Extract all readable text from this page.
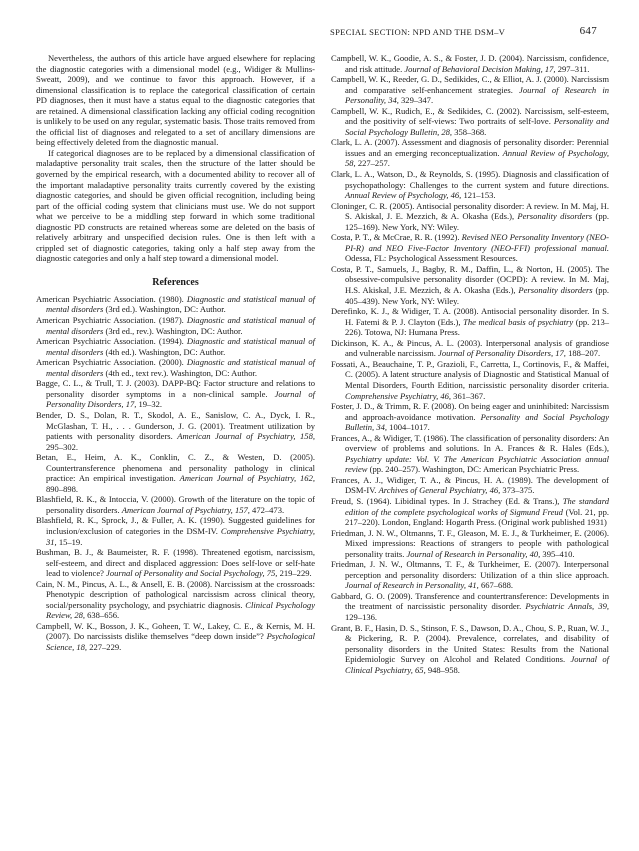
SPECIAL SECTION: NPD AND THE DSM–V	647

Nevertheless, the authors of this article have argued elsewhere for replacing the diagnostic categories with a dimensional model (e.g., Widiger & Mullins-Sweatt, 2009), and we continue to favor this approach. However, if a dimensional classification is to replace the categorical classification of certain PD diagnoses, then it must have a status equal to the diagnostic categories that are retained. A dimensional classification lacking any official coding recognition is unlikely to be used on any regular, systematic basis. Those traits removed from the official list of diagnoses and relegated to a set of ancillary dimensions are being effectively deleted from the diagnostic manual.

If categorical diagnoses are to be replaced by a dimensional classification of maladaptive personality trait scales, then the structure of the latter should be governed by the empirical research, with a documented ability to recover all of the important maladaptive personality traits currently covered by the existing diagnostic categories, and should be given official recognition, including being part of the official coding system that clinicians must use. We do not support what we perceive to be a middling step forward in which some traditional diagnostic PD constructs are retained whereas some are deleted on the basis of relatively arbitrary and unspecified decision rules. One is then left with a crippled set of diagnostic categories, taking only a half step away from the diagnostic categories and only a half step toward a dimensional model.

References

American Psychiatric Association. (1980). Diagnostic and statistical manual of mental disorders (3rd ed.). Washington, DC: Author.

American Psychiatric Association. (1987). Diagnostic and statistical manual of mental disorders (3rd ed., rev.). Washington, DC: Author.

American Psychiatric Association. (1994). Diagnostic and statistical manual of mental disorders (4th ed.). Washington, DC: Author.

American Psychiatric Association. (2000). Diagnostic and statistical manual of mental disorders (4th ed., text rev.). Washington, DC: Author.

Bagge, C. L., & Trull, T. J. (2003). DAPP-BQ: Factor structure and relations to personality disorder symptoms in a non-clinical sample. Journal of Personality Disorders, 17, 19–32.

Bender, D. S., Dolan, R. T., Skodol, A. E., Sanislow, C. A., Dyck, I. R., McGlashan, T. H., . . . Gunderson, J. G. (2001). Treatment utilization by patients with personality disorders. American Journal of Psychiatry, 158, 295–302.

Betan, E., Heim, A. K., Conklin, C. Z., & Westen, D. (2005). Countertransference phenomena and personality pathology in clinical practice: An empirical investigation. American Journal of Psychiatry, 162, 890–898.

Blashfield, R. K., & Intoccia, V. (2000). Growth of the literature on the topic of personality disorders. American Journal of Psychiatry, 157, 472–473.

Blashfield, R. K., Sprock, J., & Fuller, A. K. (1990). Suggested guidelines for inclusion/exclusion of categories in the DSM-IV. Comprehensive Psychiatry, 31, 15–19.

Bushman, B. J., & Baumeister, R. F. (1998). Threatened egotism, narcissism, self-esteem, and direct and displaced aggression: Does self-love or self-hate lead to violence? Journal of Personality and Social Psychology, 75, 219–229.

Cain, N. M., Pincus, A. L., & Ansell, E. B. (2008). Narcissism at the crossroads: Phenotypic description of pathological narcissism across clinical theory, social/personality psychology, and psychiatric diagnosis. Clinical Psychology Review, 28, 638–656.

Campbell, W. K., Bosson, J. K., Goheen, T. W., Lakey, C. E., & Kernis, M. H. (2007). Do narcissists dislike themselves “deep down inside”? Psychological Science, 18, 227–229.

Campbell, W. K., Goodie, A. S., & Foster, J. D. (2004). Narcissism, confidence, and risk attitude. Journal of Behavioral Decision Making, 17, 297–311.

Campbell, W. K., Reeder, G. D., Sedikides, C., & Elliot, A. J. (2000). Narcissism and comparative self-enhancement strategies. Journal of Research in Personality, 34, 329–347.

Campbell, W. K., Rudich, E., & Sedikides, C. (2002). Narcissism, self-esteem, and the positivity of self-views: Two portraits of self-love. Personality and Social Psychology Bulletin, 28, 358–368.

Clark, L. A. (2007). Assessment and diagnosis of personality disorder: Perennial issues and an emerging reconceptualization. Annual Review of Psychology, 58, 227–257.

Clark, L. A., Watson, D., & Reynolds, S. (1995). Diagnosis and classification of psychopathology: Challenges to the current system and future directions. Annual Review of Psychology, 46, 121–153.

Cloninger, C. R. (2005). Antisocial personality disorder: A review. In M. Maj, H. S. Akiskal, J. E. Mezzich, & A. Okasha (Eds.), Personality disorders (pp. 125–169). New York, NY: Wiley.

Costa, P. T., & McCrae, R. R. (1992). Revised NEO Personality Inventory (NEO-PI-R) and NEO Five-Factor Inventory (NEO-FFI) professional manual. Odessa, FL: Psychological Assessment Resources.

Costa, P. T., Samuels, J., Bagby, R. M., Daffin, L., & Norton, H. (2005). The obsessive-compulsive personality disorder (OCPD): A review. In M. Maj, H.S. Akiskal, J.E. Mezzich, & A. Okasha (Eds.), Personality disorders (pp. 405–439). New York, NY: Wiley.

Derefinko, K. J., & Widiger, T. A. (2008). Antisocial personality disorder. In S. H. Fatemi & P. J. Clayton (Eds.), The medical basis of psychiatry (pp. 213–226). Totowa, NJ: Humana Press.

Dickinson, K. A., & Pincus, A. L. (2003). Interpersonal analysis of grandiose and vulnerable narcissism. Journal of Personality Disorders, 17, 188–207.

Fossati, A., Beauchaine, T. P., Grazioli, F., Carretta, I., Cortinovis, F., & Maffei, C. (2005). A latent structure analysis of Diagnostic and Statistical Manual of Mental Disorders, Fourth Edition, narcissistic personality disorder criteria. Comprehensive Psychiatry, 46, 361–367.

Foster, J. D., & Trimm, R. F. (2008). On being eager and uninhibited: Narcissism and approach-avoidance motivation. Personality and Social Psychology Bulletin, 34, 1004–1017.

Frances, A., & Widiger, T. (1986). The classification of personality disorders: An overview of problems and solutions. In A. Frances & R. Hales (Eds.), Psychiatry update: Vol. V. The American Psychiatric Association annual review (pp. 240–257). Washington, DC: American Psychiatric Press.

Frances, A. J., Widiger, T. A., & Pincus, H. A. (1989). The development of DSM-IV. Archives of General Psychiatry, 46, 373–375.

Freud, S. (1964). Libidinal types. In J. Strachey (Ed. & Trans.), The standard edition of the complete psychological works of Sigmund Freud (Vol. 21, pp. 217–220). London, England: Hogarth Press. (Original work published 1931)

Friedman, J. N. W., Oltmanns, T. F., Gleason, M. E. J., & Turkheimer, E. (2006). Mixed impressions: Reactions of strangers to people with pathological personality traits. Journal of Research in Personality, 40, 395–410.

Friedman, J. N. W., Oltmanns, T. F., & Turkheimer, E. (2007). Interpersonal perception and personality disorders: Utilization of a thin slice approach. Journal of Research in Personality, 41, 667–688.

Gabbard, G. O. (2009). Transference and countertransference: Developments in the treatment of narcissistic personality disorder. Psychiatric Annals, 39, 129–136.

Grant, B. F., Hasin, D. S., Stinson, F. S., Dawson, D. A., Chou, S. P., Ruan, W. J., & Pickering, R. P. (2004). Prevalence, correlates, and disability of personality disorders in the United States: Results from the National Epidemiologic Survey on Alcohol and Related Conditions. Journal of Clinical Psychiatry, 65, 948–958.
